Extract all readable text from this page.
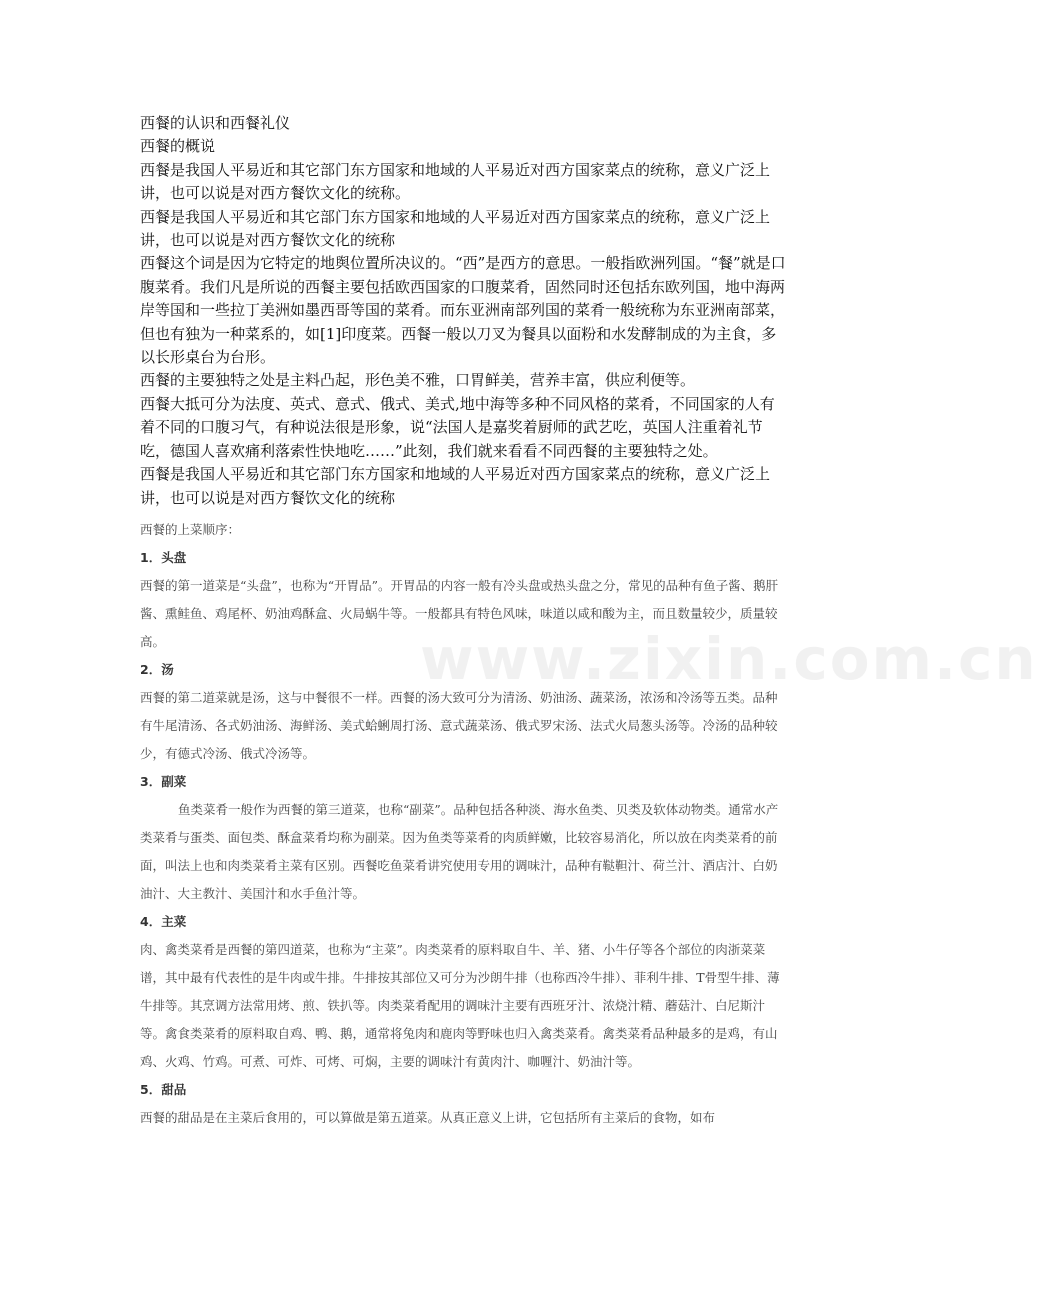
www.zixin.com.cn

西餐的认识和西餐礼仪

西餐的概说

西餐是我国人平易近和其它部门东方国家和地域的人平易近对西方国家菜点的统称，意义广泛上讲，也可以说是对西方餐饮文化的统称。

西餐是我国人平易近和其它部门东方国家和地域的人平易近对西方国家菜点的统称，意义广泛上讲，也可以说是对西方餐饮文化的统称

西餐这个词是因为它特定的地舆位置所决议的。“西”是西方的意思。一般指欧洲列国。“餐”就是口腹菜肴。我们凡是所说的西餐主要包括欧西国家的口腹菜肴，固然同时还包括东欧列国，地中海两岸等国和一些拉丁美洲如墨西哥等国的菜肴。而东亚洲南部列国的菜肴一般统称为东亚洲南部菜，但也有独为一种菜系的，如[1]印度菜。西餐一般以刀叉为餐具以面粉和水发酵制成的为主食，多以长形桌台为台形。

西餐的主要独特之处是主料凸起，形色美不雅，口胃鲜美，营养丰富，供应利便等。

西餐大抵可分为法度、英式、意式、俄式、美式,地中海等多种不同风格的菜肴，不同国家的人有着不同的口腹习气，有种说法很是形象，说“法国人是嘉奖着厨师的武艺吃，英国人注重着礼节吃，德国人喜欢痛利落索性快地吃……”此刻，我们就来看看不同西餐的主要独特之处。

西餐是我国人平易近和其它部门东方国家和地域的人平易近对西方国家菜点的统称，意义广泛上讲，也可以说是对西方餐饮文化的统称

西餐的上菜顺序：

1．头盘

西餐的第一道菜是“头盘”，也称为“开胃品”。开胃品的内容一般有冷头盘或热头盘之分，常见的品种有鱼子酱、鹅肝酱、熏鲑鱼、鸡尾杯、奶油鸡酥盒、火局蜗牛等。一般都具有特色风味，味道以咸和酸为主，而且数量较少，质量较高。

2．汤

西餐的第二道菜就是汤，这与中餐很不一样。西餐的汤大致可分为清汤、奶油汤、蔬菜汤，浓汤和冷汤等五类。品种有牛尾清汤、各式奶油汤、海鲜汤、美式蛤蜊周打汤、意式蔬菜汤、俄式罗宋汤、法式火局葱头汤等。冷汤的品种较少，有德式冷汤、俄式冷汤等。

3．副菜

鱼类菜肴一般作为西餐的第三道菜，也称“副菜”。品种包括各种淡、海水鱼类、贝类及软体动物类。通常水产类菜肴与蛋类、面包类、酥盒菜肴均称为副菜。因为鱼类等菜肴的肉质鲜嫩，比较容易消化，所以放在肉类菜肴的前面，叫法上也和肉类菜肴主菜有区别。西餐吃鱼菜肴讲究使用专用的调味汁，品种有鞑靼汁、荷兰汁、酒店汁、白奶油汁、大主教汁、美国汁和水手鱼汁等。

4．主菜

肉、禽类菜肴是西餐的第四道菜，也称为“主菜”。肉类菜肴的原料取自牛、羊、猪、小牛仔等各个部位的肉浙菜菜谱，其中最有代表性的是牛肉或牛排。牛排按其部位又可分为沙朗牛排（也称西冷牛排）、菲利牛排、T骨型牛排、薄牛排等。其烹调方法常用烤、煎、铁扒等。肉类菜肴配用的调味汁主要有西班牙汁、浓烧汁精、蘑菇汁、白尼斯汁等。禽食类菜肴的原料取自鸡、鸭、鹅，通常将兔肉和鹿肉等野味也归入禽类菜肴。禽类菜肴品种最多的是鸡，有山鸡、火鸡、竹鸡。可煮、可炸、可烤、可焖，主要的调味汁有黄肉汁、咖喱汁、奶油汁等。

5．甜品

西餐的甜品是在主菜后食用的，可以算做是第五道菜。从真正意义上讲，它包括所有主菜后的食物，如布
